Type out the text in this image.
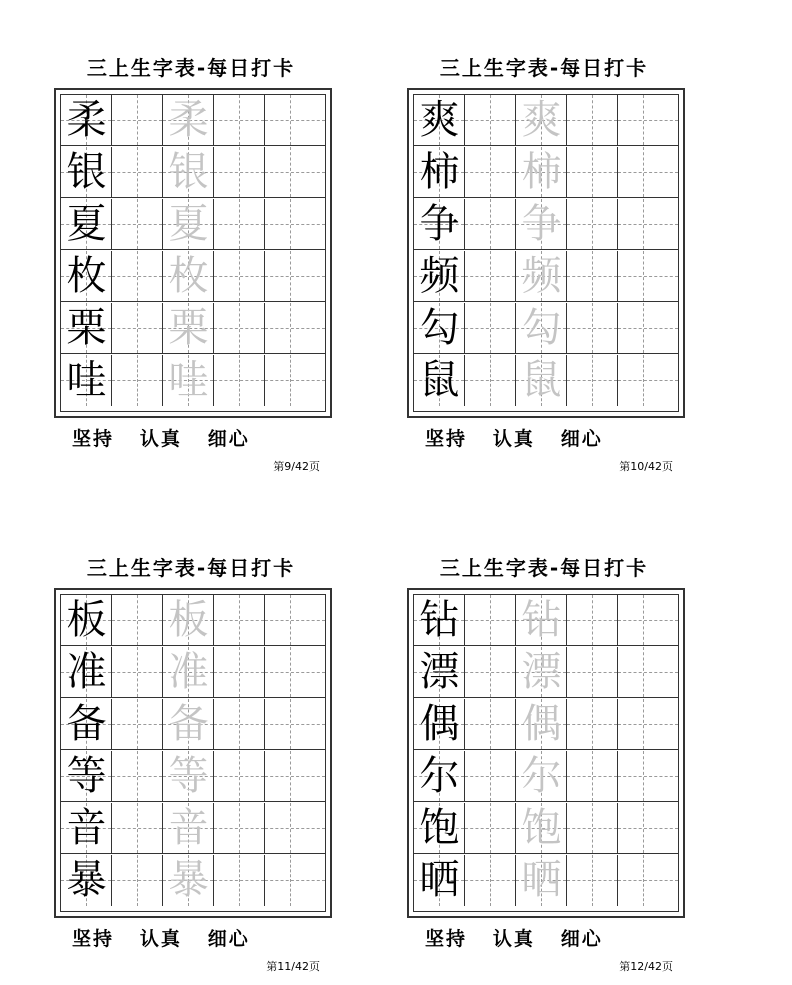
三上生字表-每日打卡
柔 柔
银 银
夏 夏
枚 枚
栗 栗
哇 哇
坚持   认真   细心
第9/42页
三上生字表-每日打卡
爽 爽
柿 柿
争 争
频 频
勾 勾
鼠 鼠
坚持   认真   细心
第10/42页
三上生字表-每日打卡
板 板
准 准
备 备
等 等
音 音
暴 暴
坚持   认真   细心
第11/42页
三上生字表-每日打卡
钻 钻
漂 漂
偶 偶
尔 尔
饱 饱
晒 晒
坚持   认真   细心
第12/42页
